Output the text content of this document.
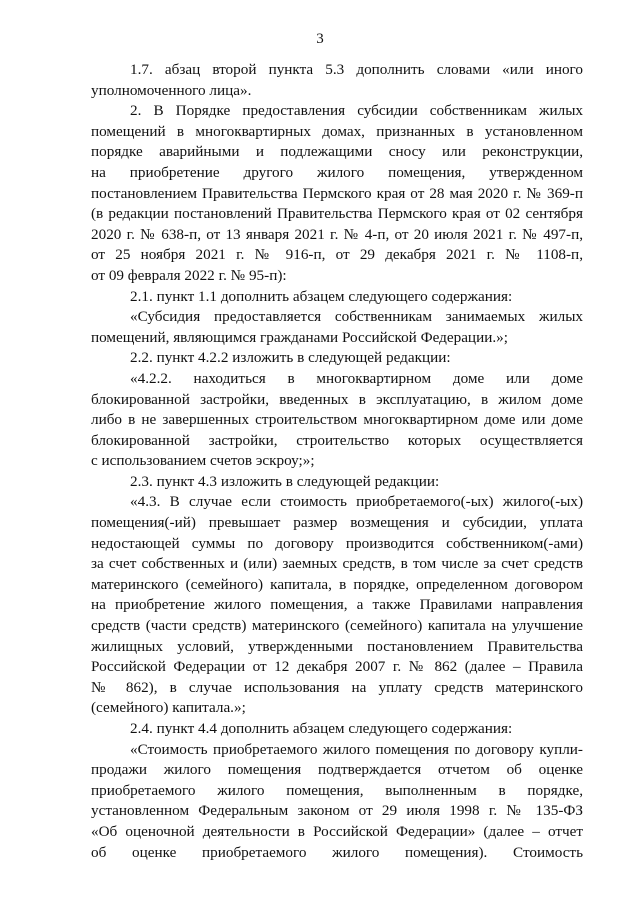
3
1.7. абзац второй пункта 5.3 дополнить словами «или иного
уполномоченного лица».
2. В Порядке предоставления субсидии собственникам жилых
помещений в многоквартирных домах, признанных в установленном
порядке аварийными и подлежащими сносу или реконструкции,
на приобретение другого жилого помещения, утвержденном
постановлением Правительства Пермского края от 28 мая 2020 г. № 369-п
(в редакции постановлений Правительства Пермского края от 02 сентября
2020 г. № 638-п, от 13 января 2021 г. № 4-п, от 20 июля 2021 г. № 497-п,
от 25 ноября 2021 г. № 916-п, от 29 декабря 2021 г. № 1108-п,
от 09 февраля 2022 г. № 95-п):
2.1. пункт 1.1 дополнить абзацем следующего содержания:
«Субсидия предоставляется собственникам занимаемых жилых
помещений, являющимся гражданами Российской Федерации.»;
2.2. пункт 4.2.2 изложить в следующей редакции:
«4.2.2. находиться в многоквартирном доме или доме
блокированной застройки, введенных в эксплуатацию, в жилом доме
либо в не завершенных строительством многоквартирном доме или доме
блокированной застройки, строительство которых осуществляется
с использованием счетов эскроу;»;
2.3. пункт 4.3 изложить в следующей редакции:
«4.3. В случае если стоимость приобретаемого(-ых) жилого(-ых)
помещения(-ий) превышает размер возмещения и субсидии, уплата
недостающей суммы по договору производится собственником(-ами)
за счет собственных и (или) заемных средств, в том числе за счет средств
материнского (семейного) капитала, в порядке, определенном договором
на приобретение жилого помещения, а также Правилами направления
средств (части средств) материнского (семейного) капитала на улучшение
жилищных условий, утвержденными постановлением Правительства
Российской Федерации от 12 декабря 2007 г. № 862 (далее – Правила
№ 862), в случае использования на уплату средств материнского
(семейного) капитала.»;
2.4. пункт 4.4 дополнить абзацем следующего содержания:
«Стоимость приобретаемого жилого помещения по договору купли-
продажи жилого помещения подтверждается отчетом об оценке
приобретаемого жилого помещения, выполненным в порядке,
установленном Федеральным законом от 29 июля 1998 г. № 135-ФЗ
«Об оценочной деятельности в Российской Федерации» (далее – отчет
об оценке приобретаемого жилого помещения). Стоимость
